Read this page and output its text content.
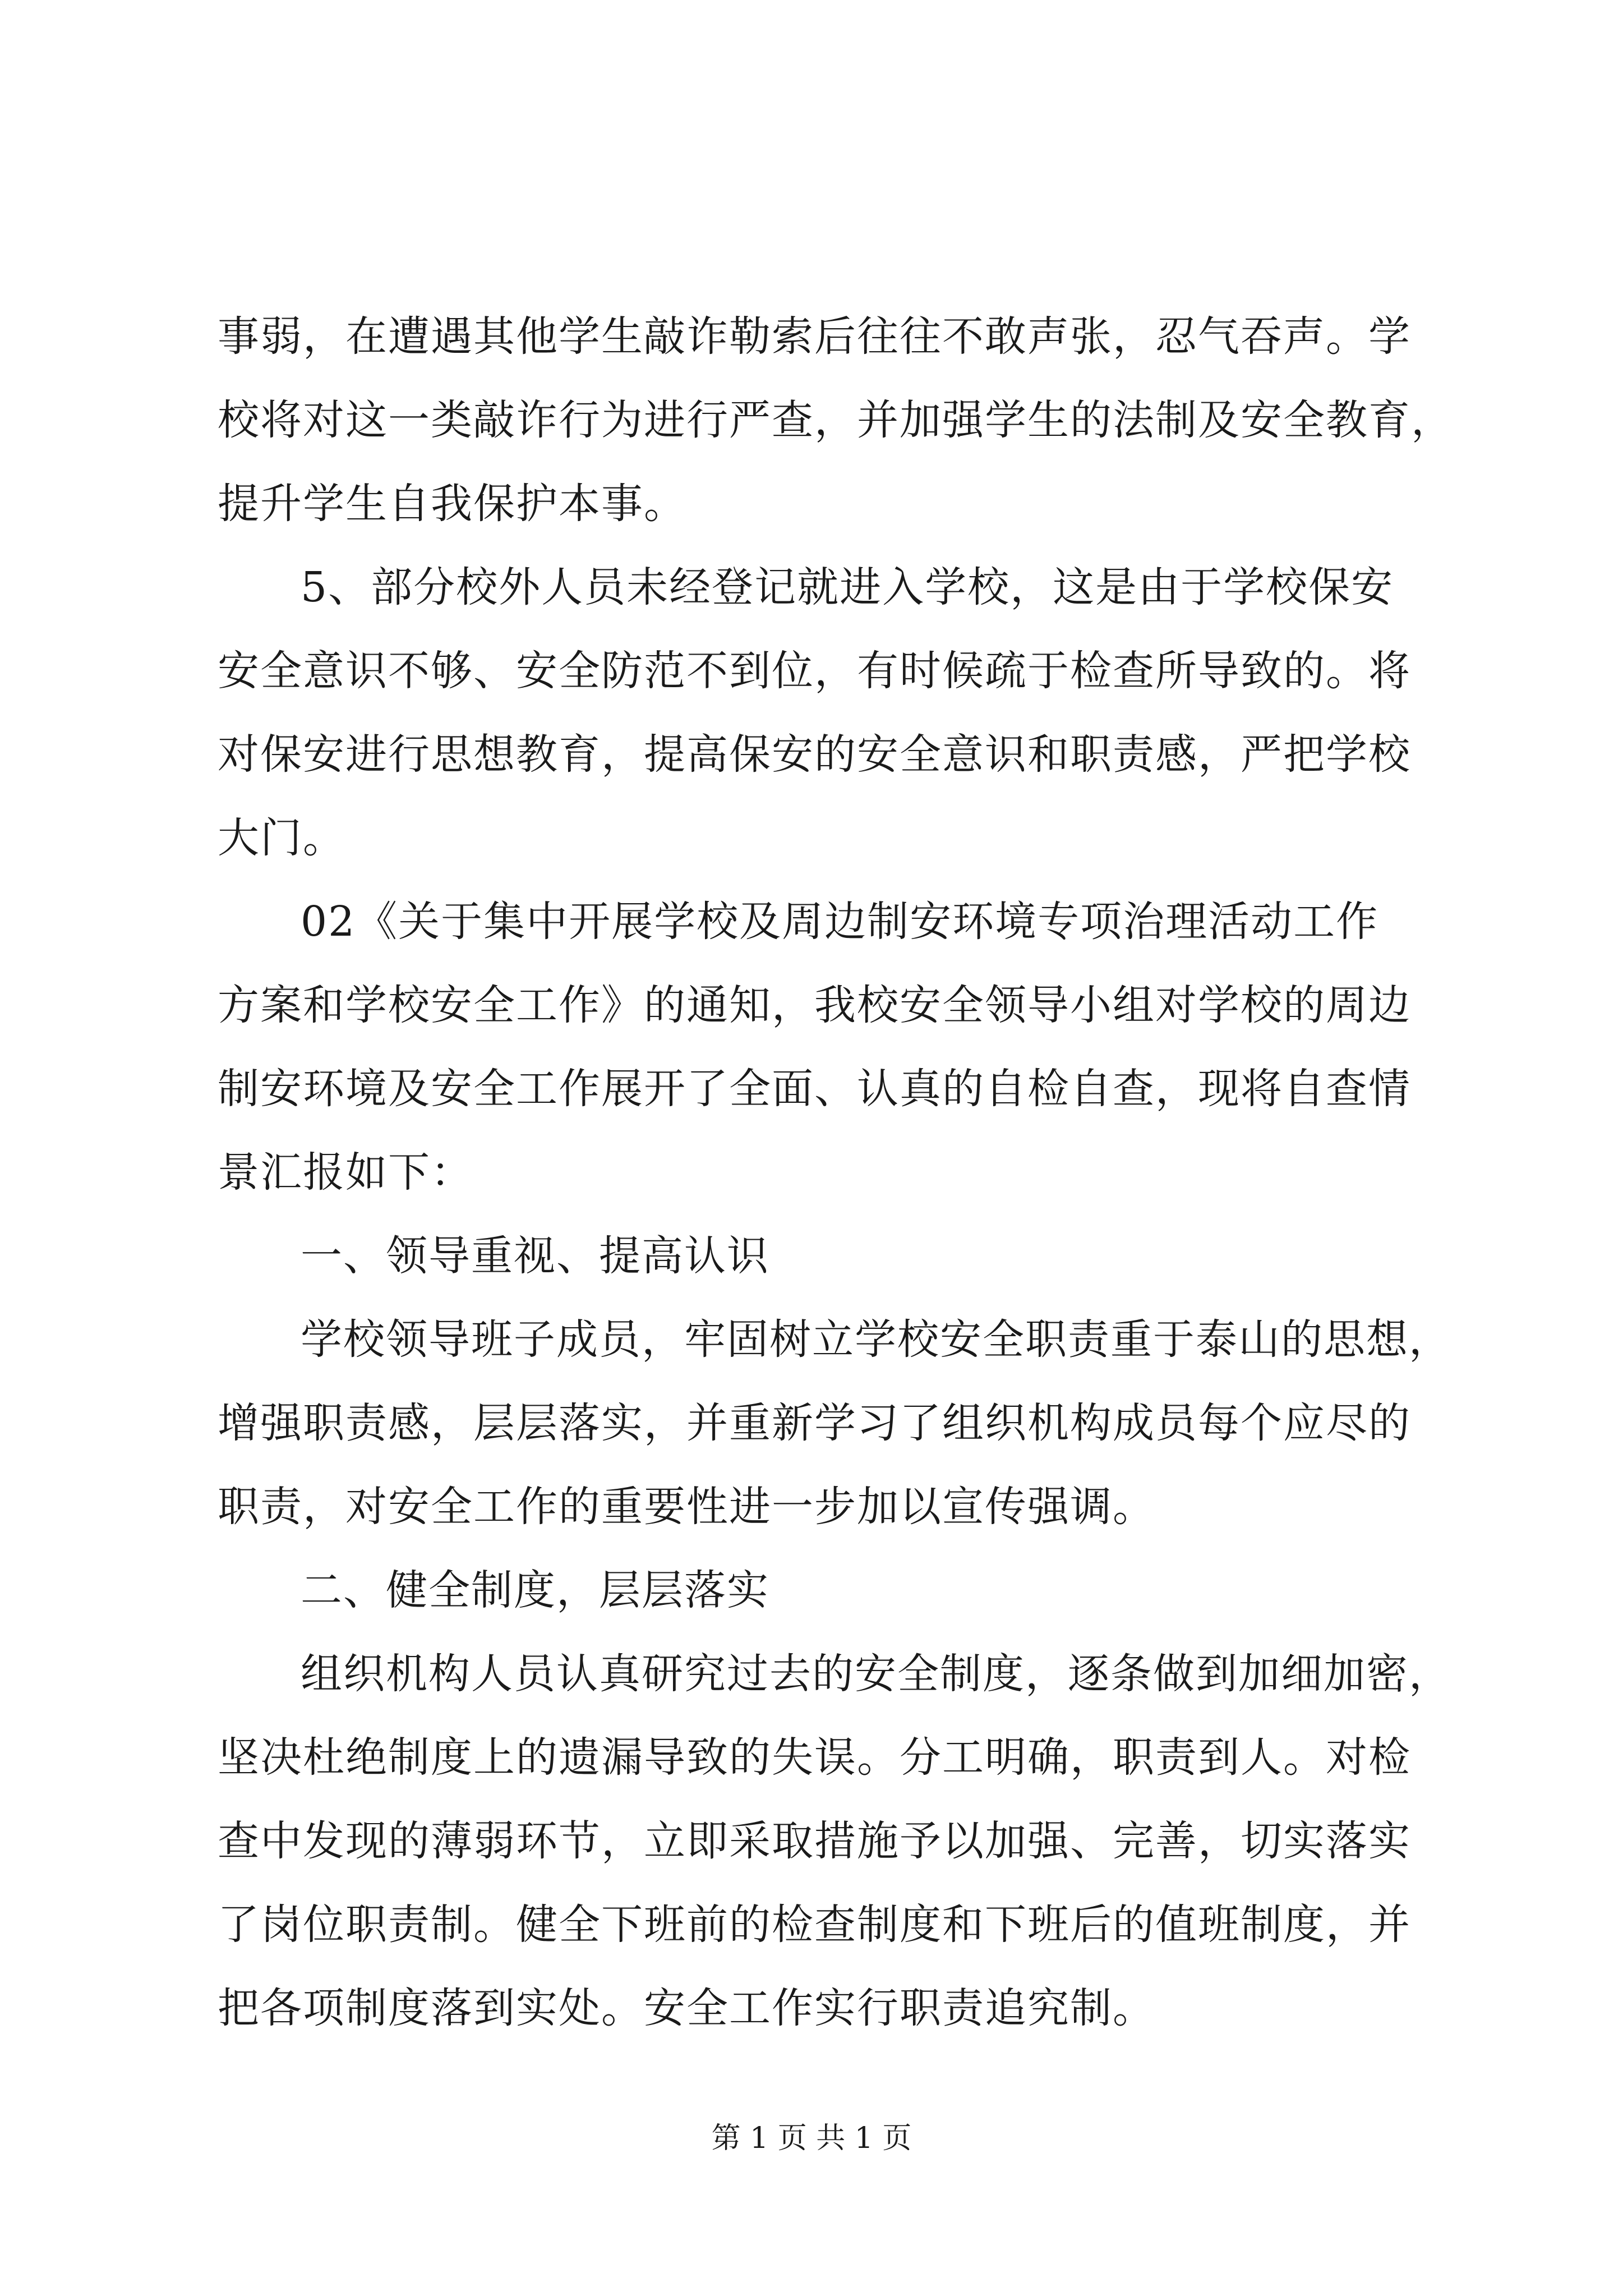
事弱，在遭遇其他学生敲诈勒索后往往不敢声张，忍气吞声。学
校将对这一类敲诈行为进行严查，并加强学生的法制及安全教育，
提升学生自我保护本事。
5、部分校外人员未经登记就进入学校，这是由于学校保安
安全意识不够、安全防范不到位，有时候疏于检查所导致的。将
对保安进行思想教育，提高保安的安全意识和职责感，严把学校
大门。
02《关于集中开展学校及周边制安环境专项治理活动工作
方案和学校安全工作》的通知，我校安全领导小组对学校的周边
制安环境及安全工作展开了全面、认真的自检自查，现将自查情
景汇报如下：
一、领导重视、提高认识
学校领导班子成员，牢固树立学校安全职责重于泰山的思想，
增强职责感，层层落实，并重新学习了组织机构成员每个应尽的
职责，对安全工作的重要性进一步加以宣传强调。
二、健全制度，层层落实
组织机构人员认真研究过去的安全制度，逐条做到加细加密，
坚决杜绝制度上的遗漏导致的失误。分工明确，职责到人。对检
查中发现的薄弱环节，立即采取措施予以加强、完善，切实落实
了岗位职责制。健全下班前的检查制度和下班后的值班制度，并
把各项制度落到实处。安全工作实行职责追究制。
第 1 页 共 1 页
